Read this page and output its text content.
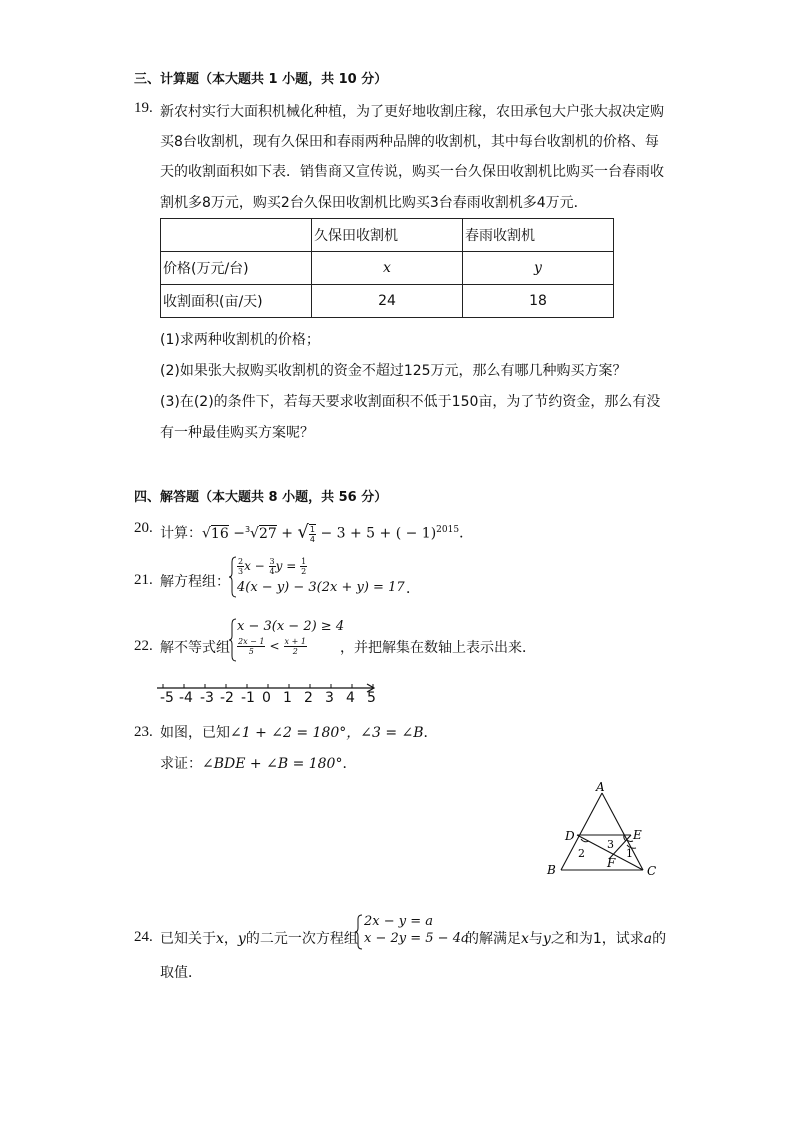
三、计算题（本大题共 1 小题，共 10 分）
19. 新农村实行大面积机械化种植，为了更好地收割庄稼，农田承包大户张大叔决定购
买8台收割机，现有久保田和春雨两种品牌的收割机，其中每台收割机的价格、每
天的收割面积如下表．销售商又宣传说，购买一台久保田收割机比购买一台春雨收
割机多8万元，购买2台久保田收割机比购买3台春雨收割机多4万元．
	久保田收割机	春雨收割机
价格(万元/台)	x	y
收割面积(亩/天)	24	18
(1)求两种收割机的价格；
(2)如果张大叔购买收割机的资金不超过125万元，那么有哪几种购买方案？
(3)在(2)的条件下，若每天要求收割面积不低于150亩，为了节约资金，那么有没
有一种最佳购买方案呢？
四、解答题（本大题共 8 小题，共 56 分）
20. 计算：√16 −$^3$√27 + √ $\frac{1}{4} - 3 + 5$ + ( − 1)$^{2015}$．
21. 解方程组：
$\frac{2}{3}$ $x - \frac{3}{4}$ $y = \frac{1}{2}$
4(x − y) − 3(2x + y) = 17 ．
22. 解不等式组
x − 3(x − 2) ≥ 4
$\frac{2x - 1}{5} < \frac{x + 1}{2}$ ，并把解集在数轴上表示出来．
-5 -4 -3 -2 -1 0 1 2 3 4 5
23. 如图，已知∠1 + ∠2 = 180°，∠3 = ∠B．
求证：∠BDE + ∠B = 180°．
A
B	C
D	E
F
2
3
1
24. 已知关于x，y的二元一次方程组
2x − y = a
x − 2y = 5 − 4a
的解满足x与y之和为1，试求a的
取值．
